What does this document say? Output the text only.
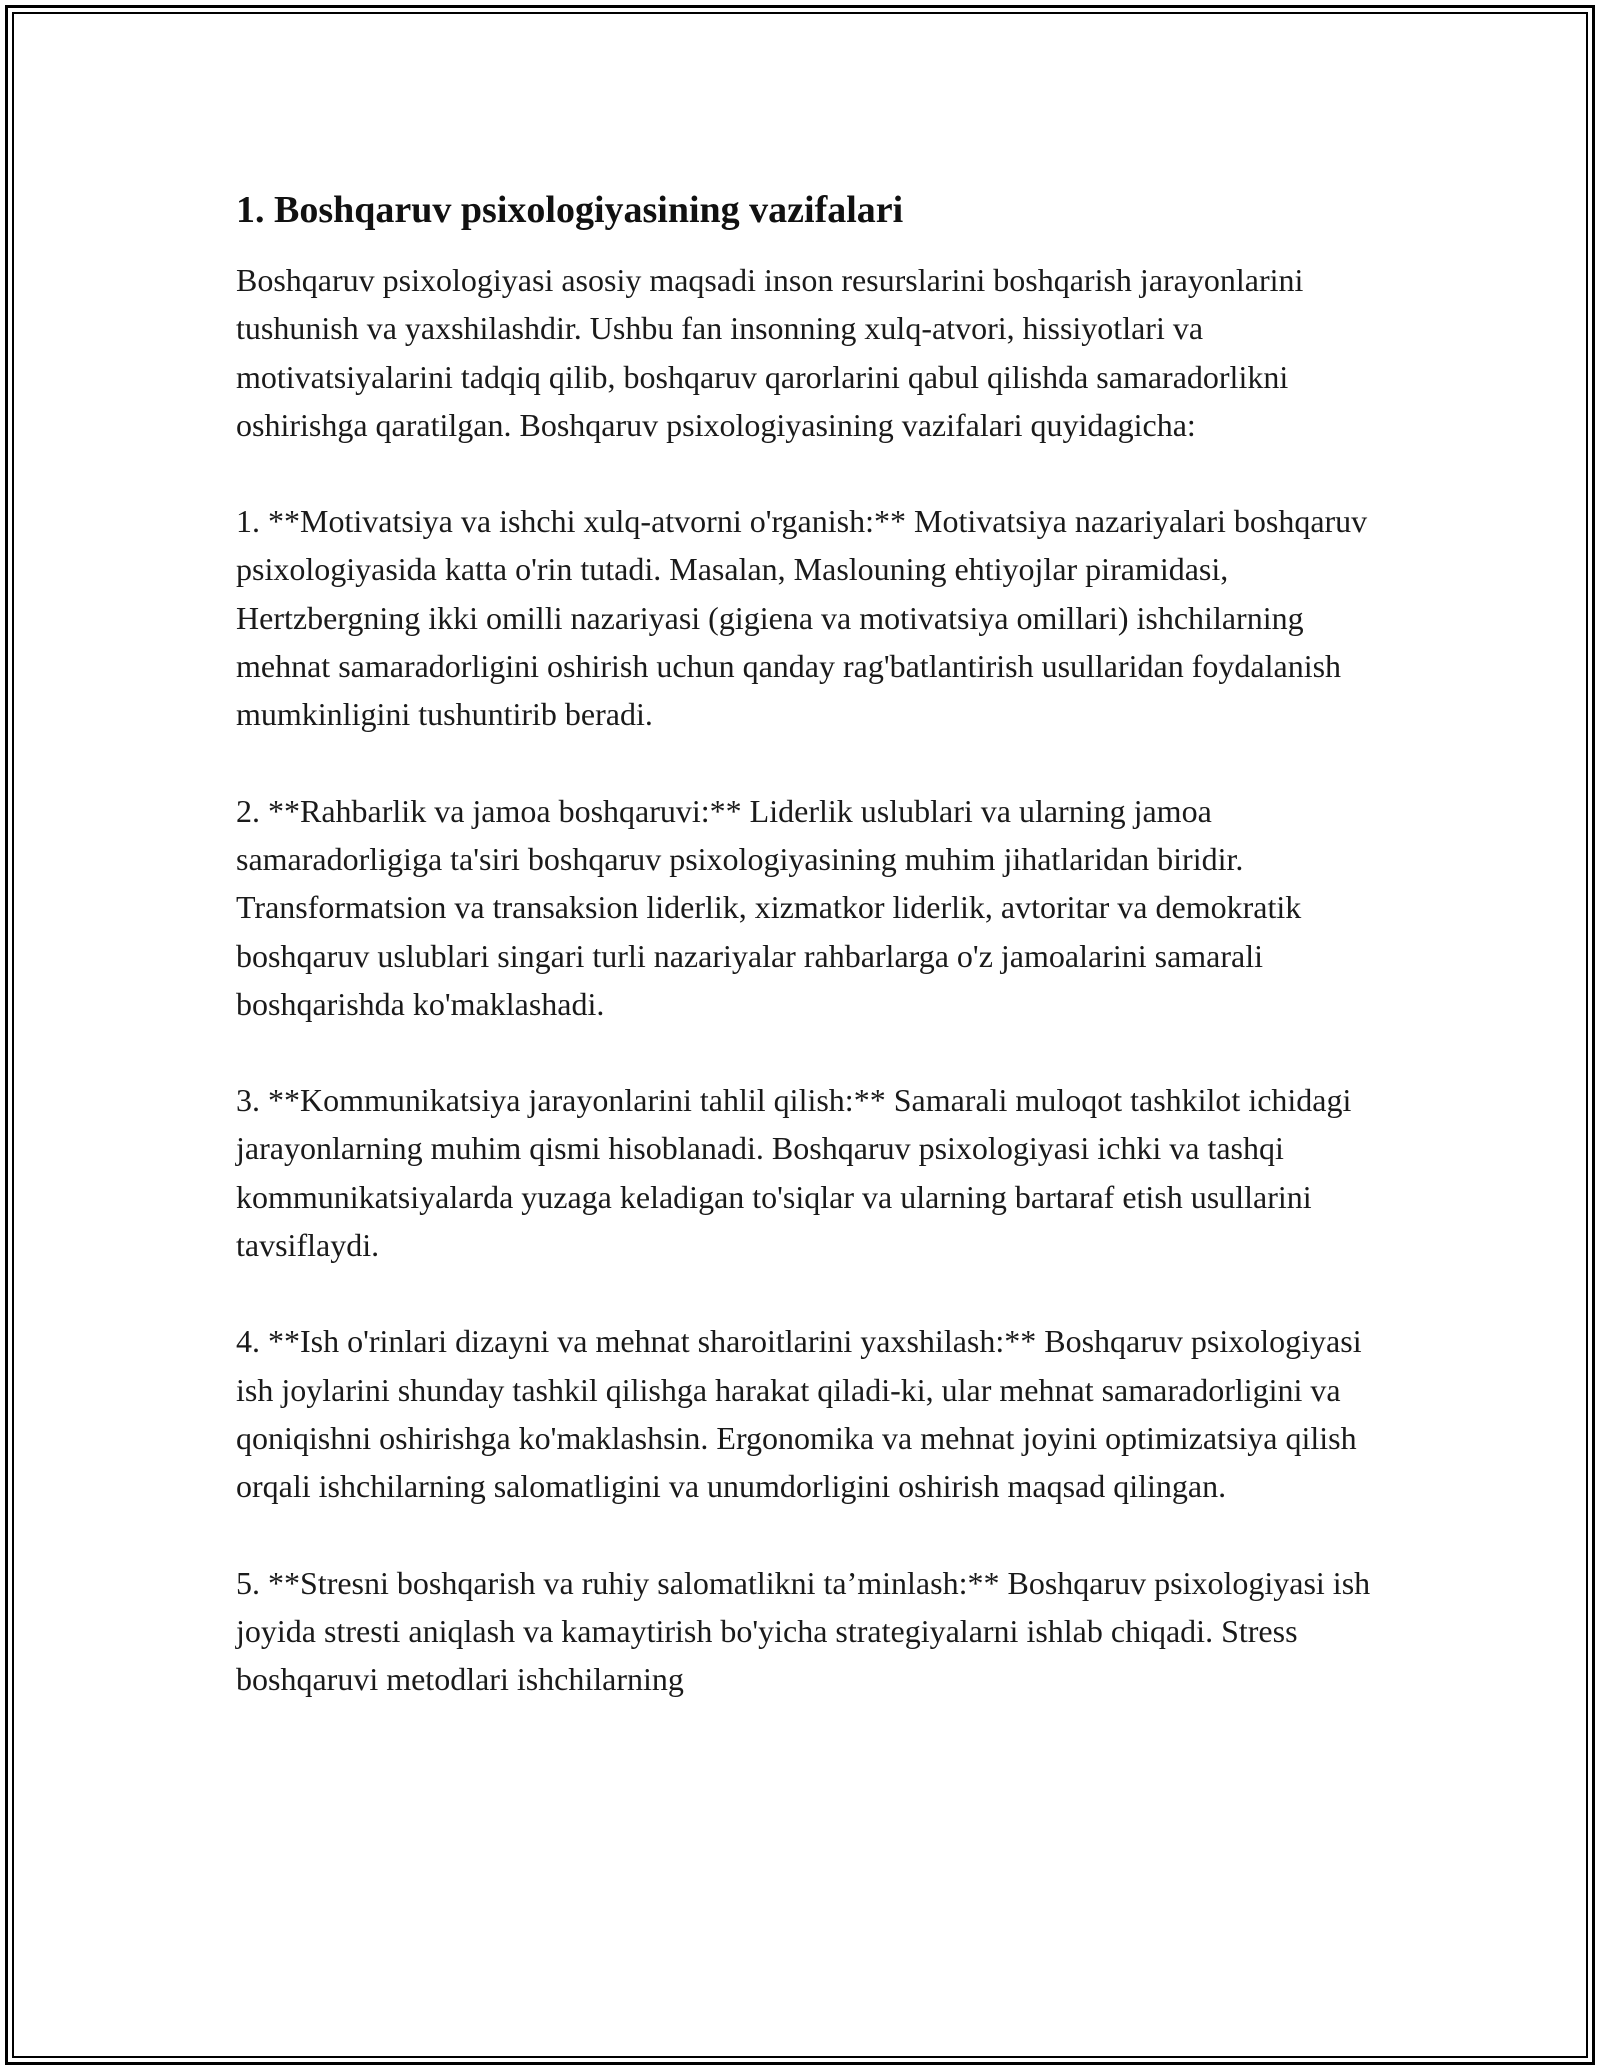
1. Boshqaruv psixologiyasining vazifalari

Boshqaruv psixologiyasi asosiy maqsadi inson resurslarini boshqarish jarayonlarini tushunish va yaxshilashdir. Ushbu fan insonning xulq-atvori, hissiyotlari va motivatsiyalarini tadqiq qilib, boshqaruv qarorlarini qabul qilishda samaradorlikni oshirishga qaratilgan. Boshqaruv psixologiyasining vazifalari quyidagicha:

1. **Motivatsiya va ishchi xulq-atvorni o'rganish:** Motivatsiya nazariyalari boshqaruv psixologiyasida katta o'rin tutadi. Masalan, Maslouning ehtiyojlar piramidasi, Hertzbergning ikki omilli nazariyasi (gigiena va motivatsiya omillari) ishchilarning mehnat samaradorligini oshirish uchun qanday rag'batlantirish usullaridan foydalanish mumkinligini tushuntirib beradi.

2. **Rahbarlik va jamoa boshqaruvi:** Liderlik uslublari va ularning jamoa samaradorligiga ta'siri boshqaruv psixologiyasining muhim jihatlaridan biridir. Transformatsion va transaksion liderlik, xizmatkor liderlik, avtoritar va demokratik boshqaruv uslublari singari turli nazariyalar rahbarlarga o'z jamoalarini samarali boshqarishda ko'maklashadi.

3. **Kommunikatsiya jarayonlarini tahlil qilish:** Samarali muloqot tashkilot ichidagi jarayonlarning muhim qismi hisoblanadi. Boshqaruv psixologiyasi ichki va tashqi kommunikatsiyalarda yuzaga keladigan to'siqlar va ularning bartaraf etish usullarini tavsiflaydi.

4. **Ish o'rinlari dizayni va mehnat sharoitlarini yaxshilash:** Boshqaruv psixologiyasi ish joylarini shunday tashkil qilishga harakat qiladi-ki, ular mehnat samaradorligini va qoniqishni oshirishga ko'maklashsin. Ergonomika va mehnat joyini optimizatsiya qilish orqali ishchilarning salomatligini va unumdorligini oshirish maqsad qilingan.

5. **Stresni boshqarish va ruhiy salomatlikni ta’minlash:** Boshqaruv psixologiyasi ish joyida stresti aniqlash va kamaytirish bo'yicha strategiyalarni ishlab chiqadi. Stress boshqaruvi metodlari ishchilarning
